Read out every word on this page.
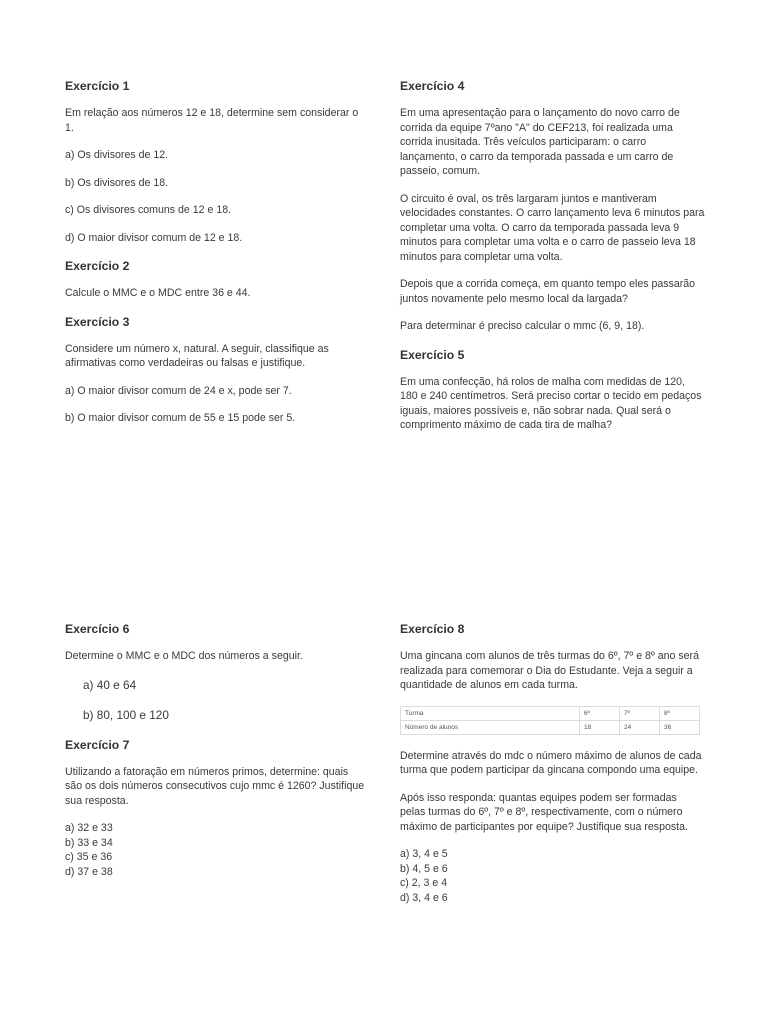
Exercício 1

Em relação aos números 12 e 18, determine sem considerar o 1.

a) Os divisores de 12.

b) Os divisores de 18.

c) Os divisores comuns de 12 e 18.

d) O maior divisor comum de 12 e 18.

Exercício 2

Calcule o MMC e o MDC entre 36 e 44.

Exercício 3

Considere um número x, natural. A seguir, classifique as afirmativas como verdadeiras ou falsas e justifique.

a) O maior divisor comum de 24 e x, pode ser 7.

b) O maior divisor comum de 55 e 15 pode ser 5.

Exercício 4

Em uma apresentação para o lançamento do novo carro de corrida da equipe 7ºano "A" do CEF213, foi realizada uma corrida inusitada. Três veículos participaram: o carro lançamento, o carro da temporada passada e um carro de passeio, comum.

O circuito é oval, os três largaram juntos e mantiveram velocidades constantes. O carro lançamento leva 6 minutos para completar uma volta. O carro da temporada passada leva 9 minutos para completar uma volta e o carro de passeio leva 18 minutos para completar uma volta.

Depois que a corrida começa, em quanto tempo eles passarão juntos novamente pelo mesmo local da largada?

Para determinar é preciso calcular o mmc (6, 9, 18).

Exercício 5

Em uma confecção, há rolos de malha com medidas de 120, 180 e 240 centímetros. Será preciso cortar o tecido em pedaços iguais, maiores possíveis e, não sobrar nada. Qual será o comprimento máximo de cada tira de malha?

Exercício 6

Determine o MMC e o MDC dos números a seguir.

a) 40 e 64
b) 80, 100 e 120
Exercício 7

Utilizando a fatoração em números primos, determine: quais são os dois números consecutivos cujo mmc é 1260? Justifique sua resposta.

a) 32 e 33

b) 33 e 34

c) 35 e 36

d) 37 e 38

Exercício 8

Uma gincana com alunos de três turmas do 6º, 7º e 8º ano será realizada para comemorar o Dia do Estudante. Veja a seguir a quantidade de alunos em cada turma.

Turma	6º	7º	8º
Número de alunos	18	24	36

Determine através do mdc o número máximo de alunos de cada turma que podem participar da gincana compondo uma equipe.

Após isso responda: quantas equipes podem ser formadas pelas turmas do 6º, 7º e 8º, respectivamente, com o número máximo de participantes por equipe? Justifique sua resposta.

a) 3, 4 e 5

b) 4, 5 e 6

c) 2, 3 e 4

d) 3, 4 e 6
